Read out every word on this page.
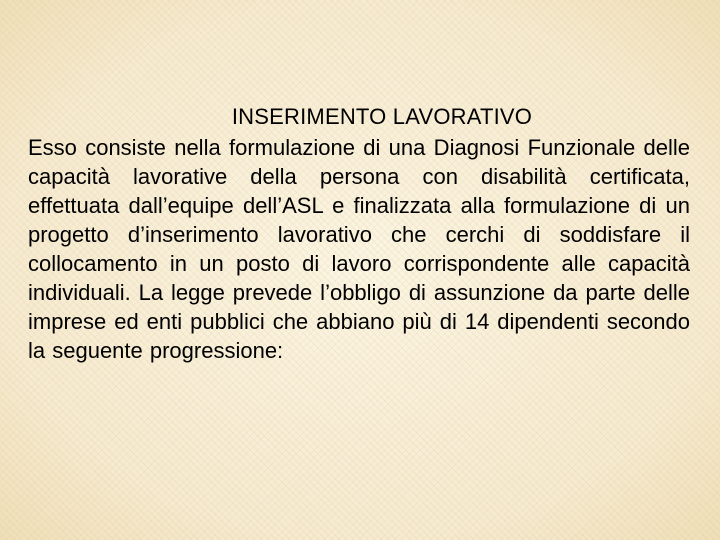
INSERIMENTO LAVORATIVO

Esso consiste nella formulazione di una Diagnosi Funzionale delle capacità lavorative della persona con disabilità certificata, effettuata dall’equipe dell’ASL e finalizzata alla formulazione di un progetto d’inserimento lavorativo che cerchi di soddisfare il collocamento in un posto di lavoro corrispondente alle capacità individuali. La legge prevede l’obbligo di assunzione da parte delle imprese ed enti pubblici che abbiano più di 14 dipendenti secondo la seguente progressione:
